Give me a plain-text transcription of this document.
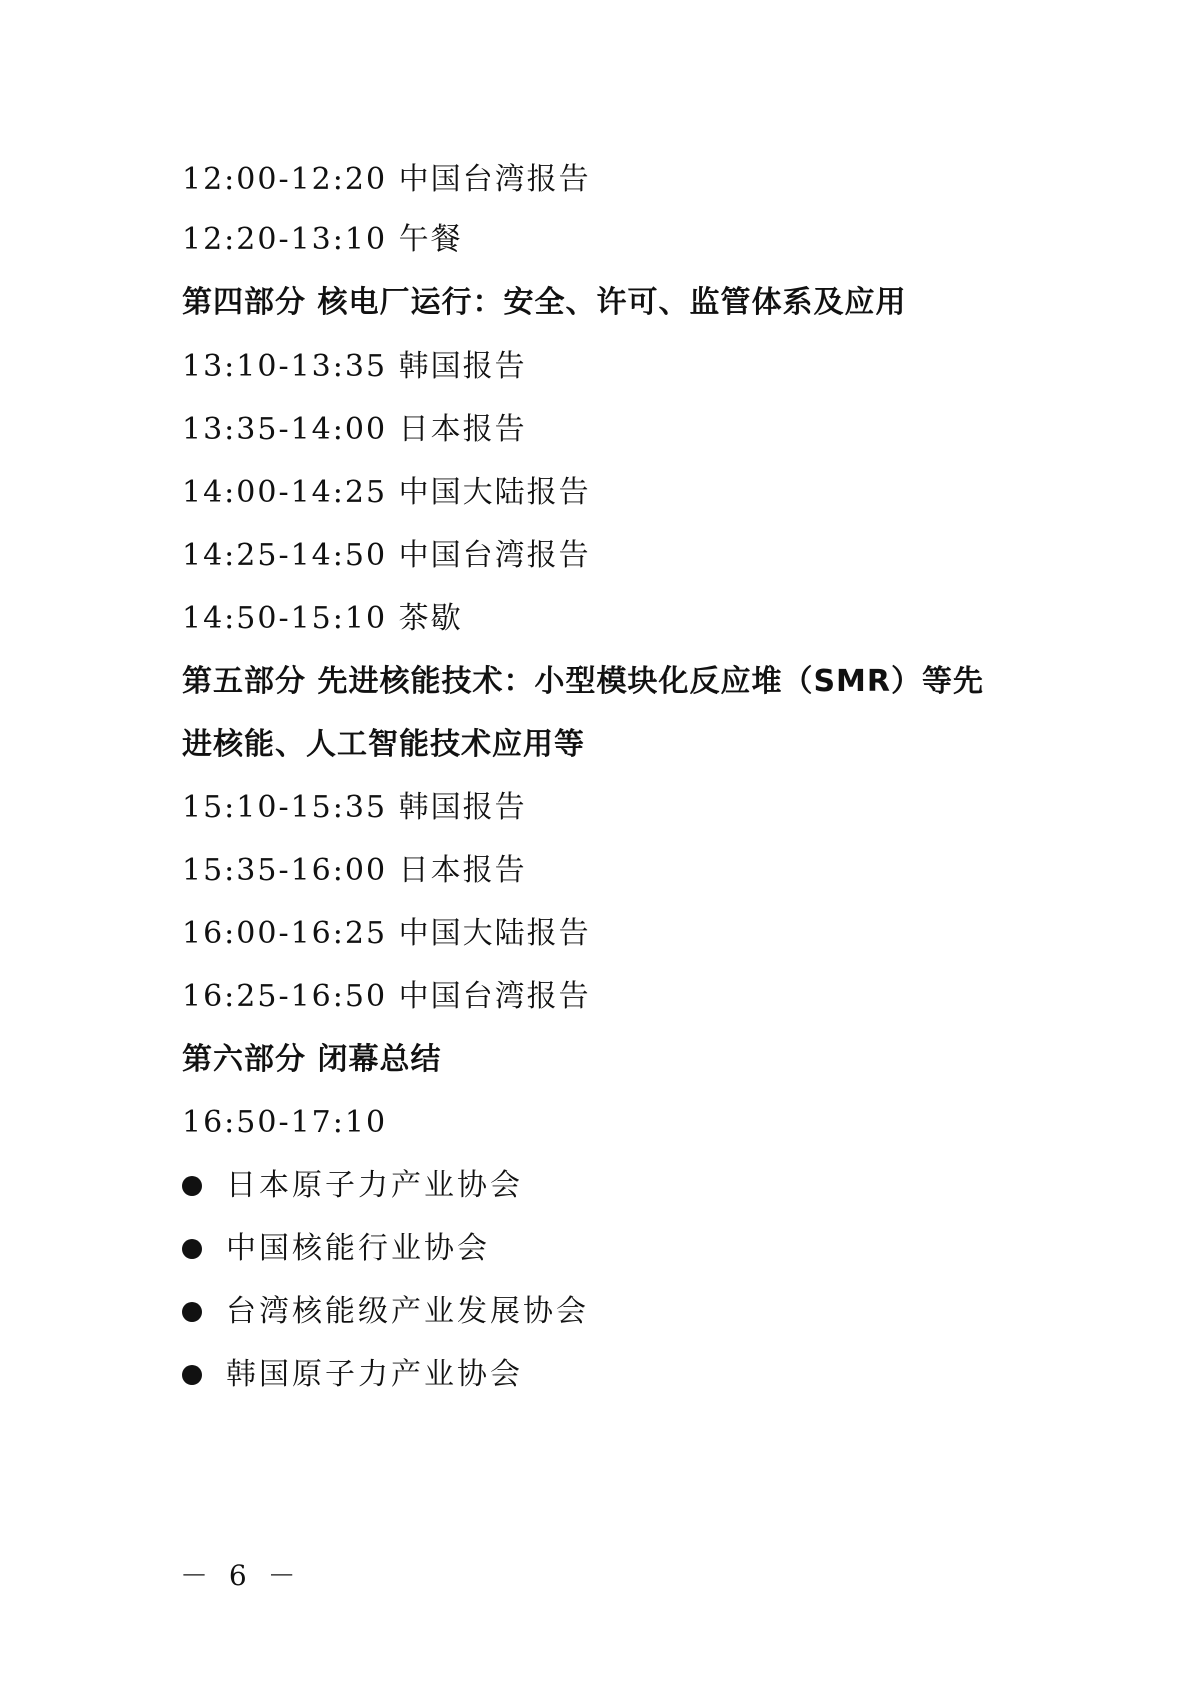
12:00-12:20 中国台湾报告
12:20-13:10 午餐
第四部分 核电厂运行：安全、许可、监管体系及应用
13:10-13:35 韩国报告
13:35-14:00 日本报告
14:00-14:25 中国大陆报告
14:25-14:50 中国台湾报告
14:50-15:10 茶歇
第五部分 先进核能技术：小型模块化反应堆（SMR）等先
进核能、人工智能技术应用等
15:10-15:35 韩国报告
15:35-16:00 日本报告
16:00-16:25 中国大陆报告
16:25-16:50 中国台湾报告
第六部分 闭幕总结
16:50-17:10
日本原子力产业协会
中国核能行业协会
台湾核能级产业发展协会
韩国原子力产业协会
－ 6 －
